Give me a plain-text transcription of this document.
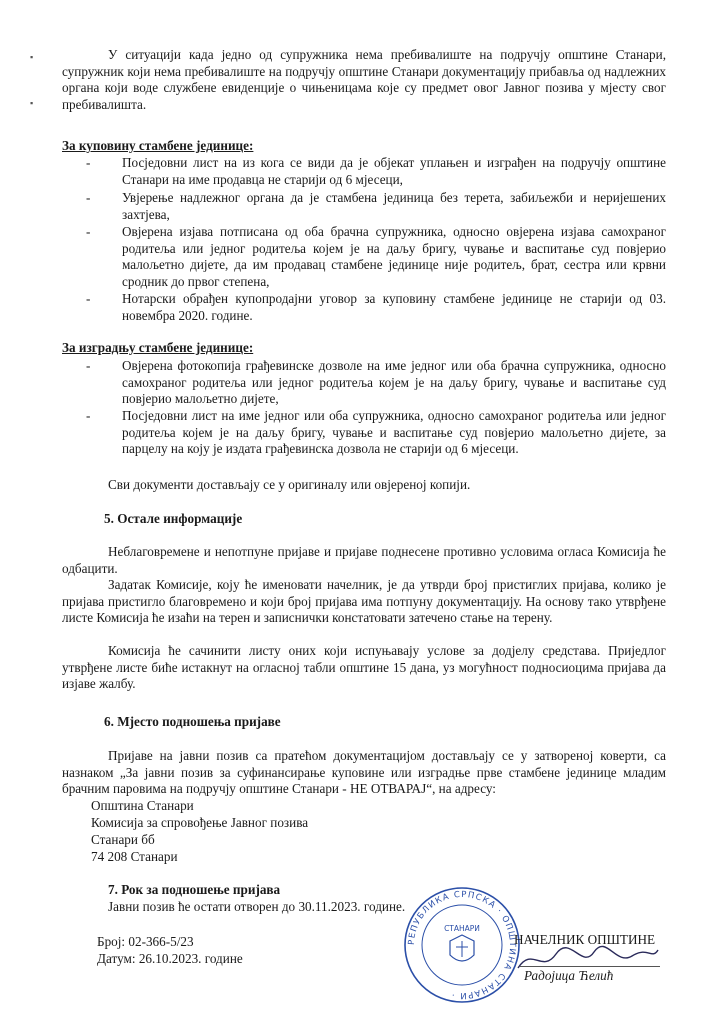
▪
▪
У ситуацији када једно од супружника нема пребивалиште на подручју општине Станари, супружник који нема пребивалиште на подручју општине Станари документацију прибавља од надлежних органа који воде службене евиденције о чињеницама које су предмет овог Јавног позива у мјесту свог пребивалишта.
За куповину стамбене јединице:
- Посједовни лист на из кога се види да је објекат уплањен и изграђен на подручју општине Станари на име продавца не старији од 6 мјесеци,
- Увјерење надлежног органа да је стамбена јединица без терета, забиљежби и неријешених захтјева,
- Овјерена изјава потписана од оба брачна супружника, односно овјерена изјава самохраног родитеља или једног родитеља којем је на даљу бригу, чување и васпитање суд повјерио малољетно дијете, да им продавац стамбене јединице није родитељ, брат, сестра или крвни сродник до првог степена,
- Нотарски обрађен купопродајни уговор за куповину стамбене јединице не старији од 03. новембра 2020. године.
За изградњу стамбене јединице:
- Овјерена фотокопија грађевинске дозволе на име једног или оба брачна супружника, односно самохраног родитеља или једног родитеља којем је на даљу бригу, чување и васпитање суд повјерио малољетно дијете,
- Посједовни лист на име једног или оба супружника, односно самохраног родитеља или једног родитеља којем је на даљу бригу, чување и васпитање суд повјерио малољетно дијете, за парцелу на коју је издата грађевинска дозвола не старији од 6 мјесеци.
Сви документи достављају се у оригиналу или овјереној копији.
5. Остале информације
Неблаговремене и непотпуне пријаве и пријаве поднесене противно условима огласа Комисија ће одбацити.
Задатак Комисије, коју ће именовати начелник, је да утврди број пристиглих пријава, колико је пријава пристигло благовремено и који број пријава има потпуну документацију. На основу тако утврђене листе Комисија ће изаћи на терен и записнички констатовати затечено стање на терену.
Комисија ће сачинити листу оних који испуњавају услове за додјелу средстава. Приједлог утврђене листе биће истакнут на огласној табли општине 15 дана, уз могућност подносиоцима пријава да изјаве жалбу.
6. Мјесто подношења пријаве
Пријаве на јавни позив са пратећом документацијом достављају се у затвореној коверти, са назнаком „За јавни позив за суфинансирање куповине или изградње прве стамбене јединице младим брачним паровима на подручју општине Станари - НЕ ОТВАРАЈ“, на адресу:
Општина Станари
Комисија за спровођење Јавног позива
Станари бб
74 208 Станари
7. Рок за подношење пријава
Јавни позив ће остати отворен до 30.11.2023. године.
Број: 02-366-5/23
Датум: 26.10.2023. године
РЕПУБЛИКА СРПСКА · ОПШТИНА СТАНАРИ ·
СТАНАРИ
НАЧЕЛНИК ОПШТИНЕ
Радојица Ћелић
